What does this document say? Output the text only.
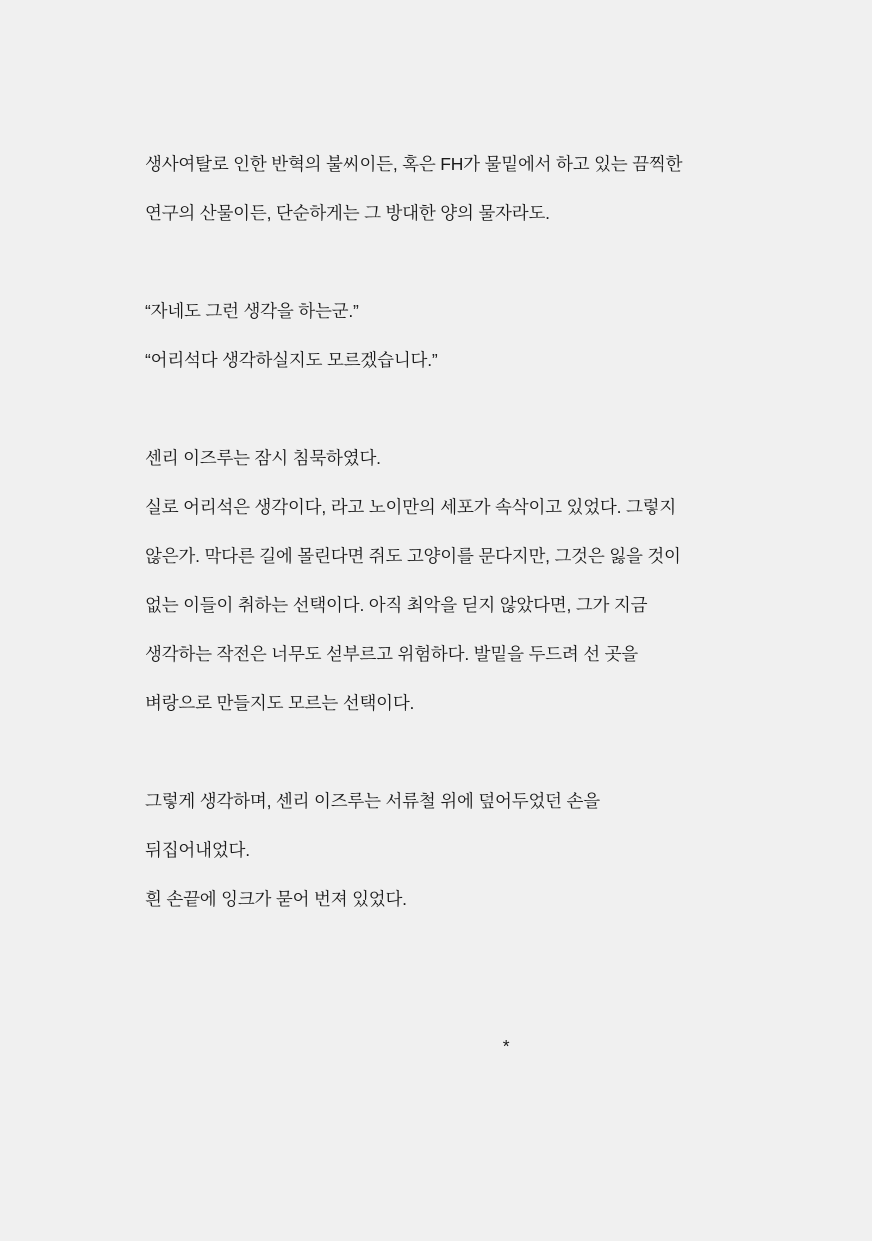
생사여탈로 인한 반혁의 불씨이든, 혹은 FH가 물밑에서 하고 있는 끔찍한

연구의 산물이든, 단순하게는 그 방대한 양의 물자라도.

“자네도 그런 생각을 하는군.”

“어리석다 생각하실지도 모르겠습니다.”

센리 이즈루는 잠시 침묵하였다.

실로 어리석은 생각이다, 라고 노이만의 세포가 속삭이고 있었다. 그렇지

않은가. 막다른 길에 몰린다면 쥐도 고양이를 문다지만, 그것은 잃을 것이

없는 이들이 취하는 선택이다. 아직 최악을 딛지 않았다면, 그가 지금

생각하는 작전은 너무도 섣부르고 위험하다. 발밑을 두드려 선 곳을

벼랑으로 만들지도 모르는 선택이다.

그렇게 생각하며, 센리 이즈루는 서류철 위에 덮어두었던 손을

뒤집어내었다.

흰 손끝에 잉크가 묻어 번져 있었다.

*
